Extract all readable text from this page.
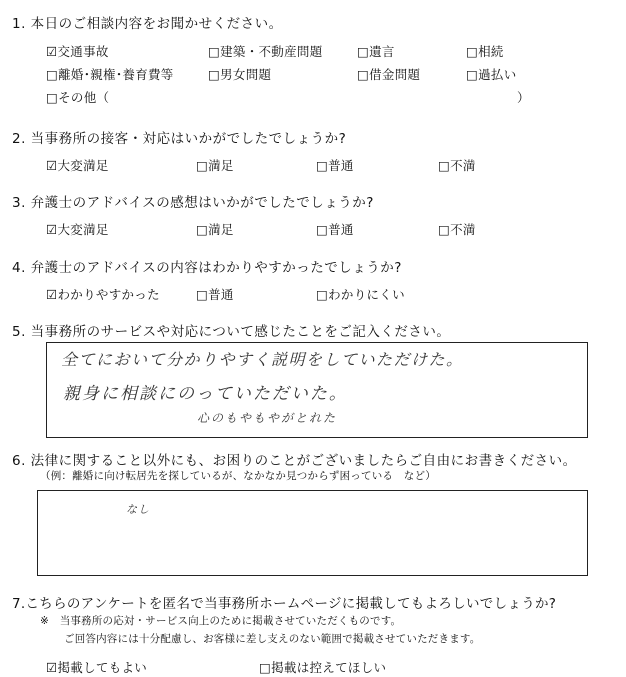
1. 本日のご相談内容をお聞かせください。
☑交通事故	□建築・不動産問題	□遺言	□相続
□離婚･親権･養育費等	□男女問題	□借金問題	□過払い
□その他（	）
2. 当事務所の接客・対応はいかがでしたでしょうか?
☑大変満足	□満足	□普通	□不満
3. 弁護士のアドバイスの感想はいかがでしたでしょうか?
☑大変満足	□満足	□普通	□不満
4. 弁護士のアドバイスの内容はわかりやすかったでしょうか?
☑わかりやすかった	□普通	□わかりにくい
5. 当事務所のサービスや対応について感じたことをご記入ください。
全てにおいて分かりやすく説明をしていただけた。
親身に相談にのっていただいた。
心のもやもやがとれた
6. 法律に関すること以外にも、お困りのことがございましたらご自由にお書きください。
（例：離婚に向け転居先を探しているが、なかなか見つからず困っている　など）
なし
7.こちらのアンケートを匿名で当事務所ホームページに掲載してもよろしいでしょうか?
※　当事務所の応対・サービス向上のために掲載させていただくものです。
ご回答内容には十分配慮し、お客様に差し支えのない範囲で掲載させていただきます。
☑掲載してもよい	□掲載は控えてほしい
